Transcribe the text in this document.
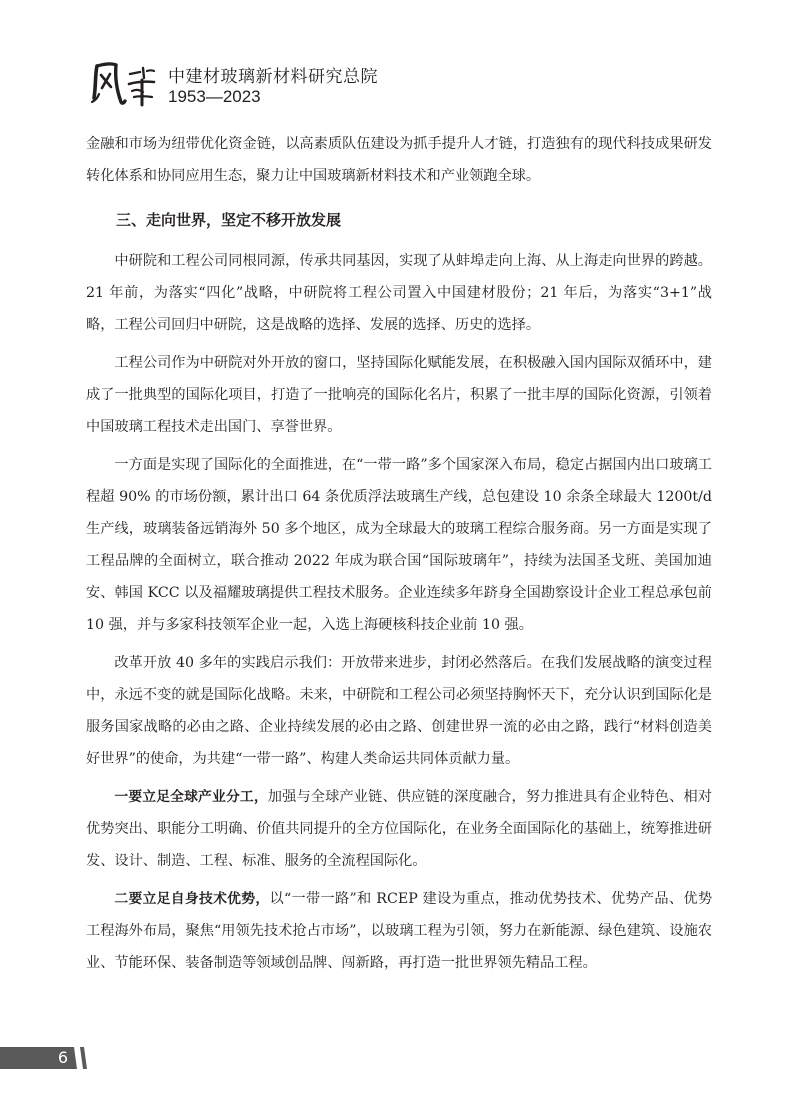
中建材玻璃新材料研究总院
1953—2023

金融和市场为纽带优化资金链，以高素质队伍建设为抓手提升人才链，打造独有的现代科技成果研发转化体系和协同应用生态，聚力让中国玻璃新材料技术和产业领跑全球。

三、走向世界，坚定不移开放发展

中研院和工程公司同根同源，传承共同基因，实现了从蚌埠走向上海、从上海走向世界的跨越。21 年前，为落实“四化”战略，中研院将工程公司置入中国建材股份；21 年后，为落实“3+1”战略，工程公司回归中研院，这是战略的选择、发展的选择、历史的选择。

工程公司作为中研院对外开放的窗口，坚持国际化赋能发展，在积极融入国内国际双循环中，建成了一批典型的国际化项目，打造了一批响亮的国际化名片，积累了一批丰厚的国际化资源，引领着中国玻璃工程技术走出国门、享誉世界。

一方面是实现了国际化的全面推进，在“一带一路”多个国家深入布局，稳定占据国内出口玻璃工程超 90% 的市场份额，累计出口 64 条优质浮法玻璃生产线，总包建设 10 余条全球最大 1200t/d 生产线，玻璃装备远销海外 50 多个地区，成为全球最大的玻璃工程综合服务商。另一方面是实现了工程品牌的全面树立，联合推动 2022 年成为联合国“国际玻璃年”，持续为法国圣戈班、美国加迪安、韩国 KCC 以及福耀玻璃提供工程技术服务。企业连续多年跻身全国勘察设计企业工程总承包前 10 强，并与多家科技领军企业一起，入选上海硬核科技企业前 10 强。

改革开放 40 多年的实践启示我们：开放带来进步，封闭必然落后。在我们发展战略的演变过程中，永远不变的就是国际化战略。未来，中研院和工程公司必须坚持胸怀天下，充分认识到国际化是服务国家战略的必由之路、企业持续发展的必由之路、创建世界一流的必由之路，践行“材料创造美好世界”的使命，为共建“一带一路”、构建人类命运共同体贡献力量。

一要立足全球产业分工，加强与全球产业链、供应链的深度融合，努力推进具有企业特色、相对优势突出、职能分工明确、价值共同提升的全方位国际化，在业务全面国际化的基础上，统筹推进研发、设计、制造、工程、标准、服务的全流程国际化。

二要立足自身技术优势，以“一带一路”和 RCEP 建设为重点，推动优势技术、优势产品、优势工程海外布局，聚焦“用领先技术抢占市场”，以玻璃工程为引领，努力在新能源、绿色建筑、设施农业、节能环保、装备制造等领域创品牌、闯新路，再打造一批世界领先精品工程。

6
